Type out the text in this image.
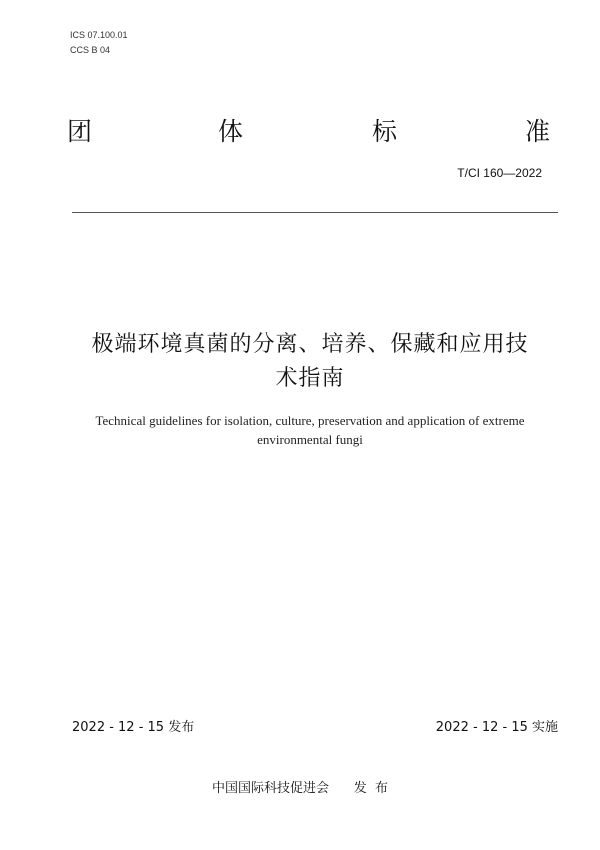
ICS 07.100.01
CCS B 04
团	体	标	准
T/CI 160—2022
极端环境真菌的分离、培养、保藏和应用技
术指南
Technical guidelines for isolation, culture, preservation and application of extreme
environmental fungi
2022 - 12 - 15 发布	2022 - 12 - 15 实施
中国国际科技促进会      发  布
